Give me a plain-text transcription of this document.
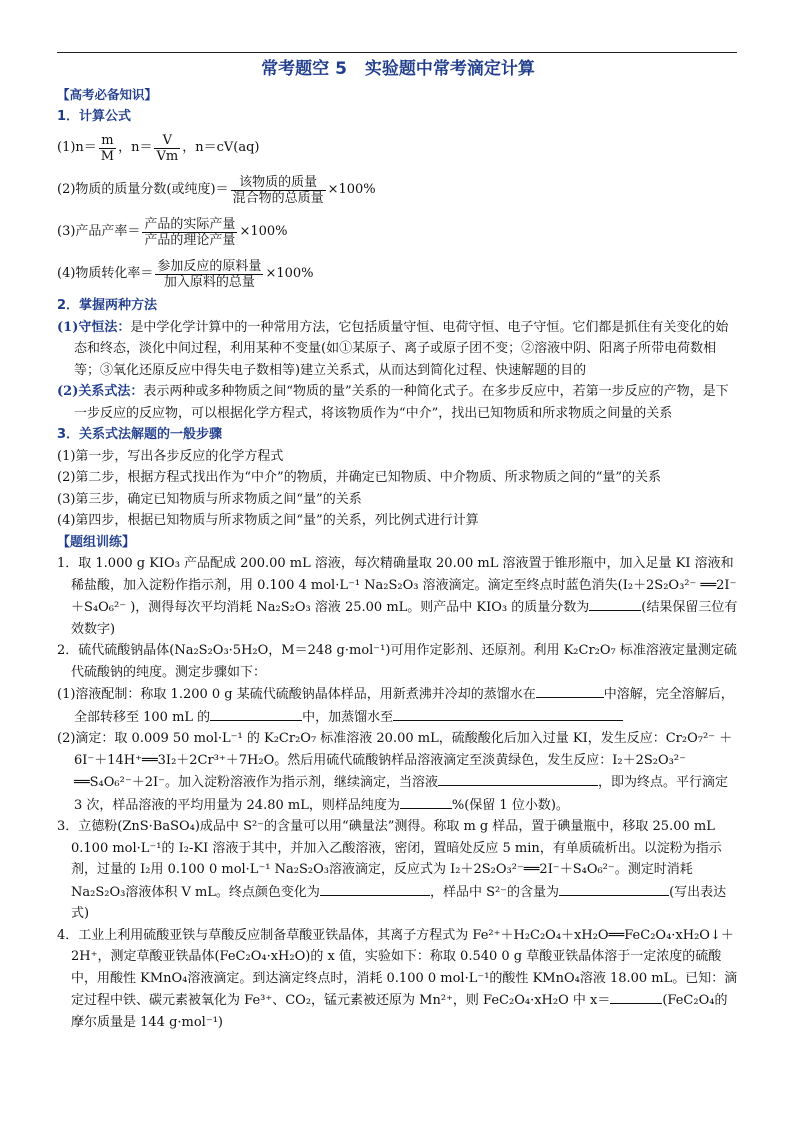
常考题空 5 实验题中常考滴定计算

【高考必备知识】

1．计算公式

$(1)n= \frac{m}{M}$ ，$n= \frac{V}{Vm}$ ，n＝cV(aq)
(2)物质的质量分数(或纯度)＝ $\frac{\text{该物质的质量}}{\text{混合物的总质量}} \times 100\%$
(3)产品产率＝ $\frac{\text{产品的实际产量}}{\text{产品的理论产量}} \times 100\%$
(4)物质转化率＝ $\frac{\text{参加反应的原料量}}{\text{加入原料的总量}} \times 100\%$

2．掌握两种方法

(1)守恒法：是中学化学计算中的一种常用方法，它包括质量守恒、电荷守恒、电子守恒。它们都是抓住有关变化的始态和终态，淡化中间过程，利用某种不变量(如①某原子、离子或原子团不变；②溶液中阴、阳离子所带电荷数相等；③氧化还原反应中得失电子数相等)建立关系式，从而达到简化过程、快速解题的目的

(2)关系式法：表示两种或多种物质之间“物质的量”关系的一种简化式子。在多步反应中，若第一步反应的产物，是下一步反应的反应物，可以根据化学方程式，将该物质作为“中介”，找出已知物质和所求物质之间量的关系

3．关系式法解题的一般步骤

(1)第一步，写出各步反应的化学方程式

(2)第二步，根据方程式找出作为“中介”的物质，并确定已知物质、中介物质、所求物质之间的“量”的关系

(3)第三步，确定已知物质与所求物质之间“量”的关系

(4)第四步，根据已知物质与所求物质之间“量”的关系，列比例式进行计算

【题组训练】

1．取 1.000 g KIO₃ 产品配成 200.00 mL 溶液，每次精确量取 20.00 mL 溶液置于锥形瓶中，加入足量 KI 溶液和稀盐酸，加入淀粉作指示剂，用 0.100 4 mol·L⁻¹ Na₂S₂O₃ 溶液滴定。滴定至终点时蓝色消失(I₂＋2S₂O₃²⁻ ══2I⁻＋S₄O₆²⁻ )，测得每次平均消耗 Na₂S₂O₃ 溶液 25.00 mL。则产品中 KIO₃ 的质量分数为	(结果保留三位有效数字)

2．硫代硫酸钠晶体(Na₂S₂O₃·5H₂O，M＝248 g·mol⁻¹)可用作定影剂、还原剂。利用 K₂Cr₂O₇ 标准溶液定量测定硫代硫酸钠的纯度。测定步骤如下：

(1)溶液配制：称取 1.200 0 g 某硫代硫酸钠晶体样品，用新煮沸并冷却的蒸馏水在	中溶解，完全溶解后，全部转移至 100 mL 的	中，加蒸馏水至

(2)滴定：取 0.009 50 mol·L⁻¹ 的 K₂Cr₂O₇ 标准溶液 20.00 mL，硫酸酸化后加入过量 KI，发生反应：Cr₂O₇²⁻ ＋6I⁻＋14H⁺══3I₂＋2Cr³⁺＋7H₂O。然后用硫代硫酸钠样品溶液滴定至淡黄绿色，发生反应：I₂＋2S₂O₃²⁻ ══S₄O₆²⁻＋2I⁻。加入淀粉溶液作为指示剂，继续滴定，当溶液	，即为终点。平行滴定 3 次，样品溶液的平均用量为 24.80 mL，则样品纯度为	%(保留 1 位小数)。

3．立德粉(ZnS·BaSO₄)成品中 S²⁻的含量可以用“碘量法”测得。称取 m g 样品，置于碘量瓶中，移取 25.00 mL 0.100 mol·L⁻¹的 I₂-KI 溶液于其中，并加入乙酸溶液，密闭，置暗处反应 5 min，有单质硫析出。以淀粉为指示剂，过量的 I₂用 0.100 0 mol·L⁻¹ Na₂S₂O₃溶液滴定，反应式为 I₂＋2S₂O₃²⁻══2I⁻＋S₄O₆²⁻。测定时消耗 Na₂S₂O₃溶液体积 V mL。终点颜色变化为	，样品中 S²⁻的含量为	(写出表达式)

4．工业上利用硫酸亚铁与草酸反应制备草酸亚铁晶体，其离子方程式为 Fe²⁺＋H₂C₂O₄＋xH₂O══FeC₂O₄·xH₂O↓＋2H⁺，测定草酸亚铁晶体(FeC₂O₄·xH₂O)的 x 值，实验如下：称取 0.540 0 g 草酸亚铁晶体溶于一定浓度的硫酸中，用酸性 KMnO₄溶液滴定。到达滴定终点时，消耗 0.100 0 mol·L⁻¹的酸性 KMnO₄溶液 18.00 mL。已知：滴定过程中铁、碳元素被氧化为 Fe³⁺、CO₂，锰元素被还原为 Mn²⁺，则 FeC₂O₄·xH₂O 中 x＝	(FeC₂O₄的摩尔质量是 144 g·mol⁻¹)
